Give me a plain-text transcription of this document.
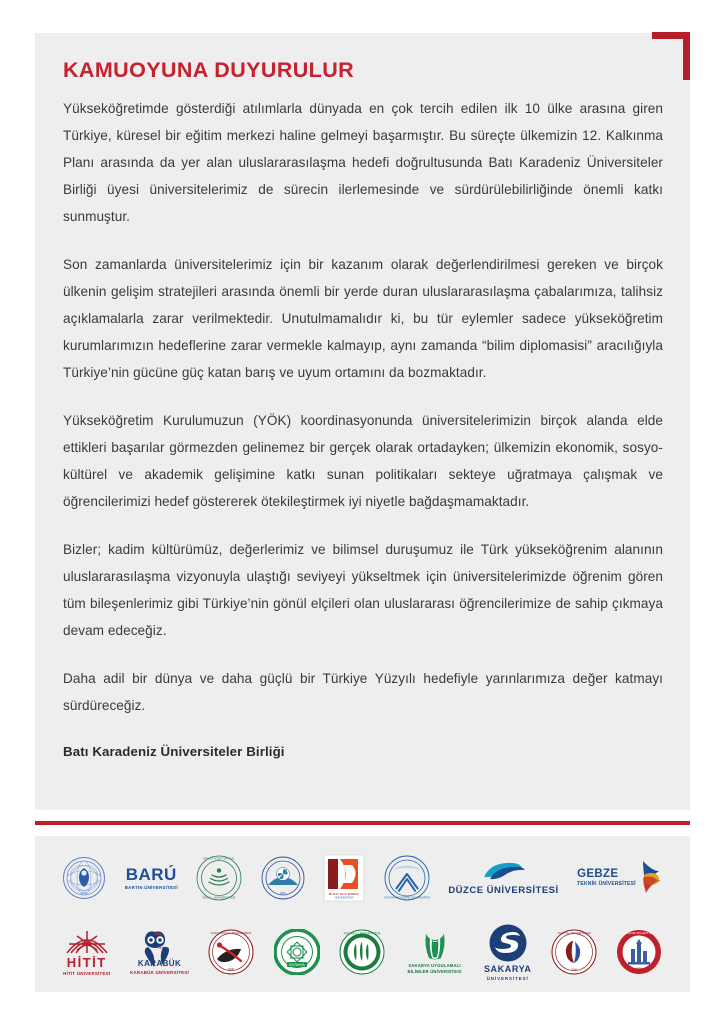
KAMUOYUNA DUYURULUR

Yükseköğretimde gösterdiği atılımlarla dünyada en çok tercih edilen ilk 10 ülke arasına giren Türkiye, küresel bir eğitim merkezi haline gelmeyi başarmıştır. Bu süreçte ülkemizin 12. Kalkınma Planı arasında da yer alan uluslararasılaşma hedefi doğrultusunda Batı Karadeniz Üniversiteler Birliği üyesi üniversitelerimiz de sürecin ilerlemesinde ve sürdürülebilirliğinde önemli katkı sunmuştur.

Son zamanlarda üniversitelerimiz için bir kazanım olarak değerlendirilmesi gereken ve birçok ülkenin gelişim stratejileri arasında önemli bir yerde duran uluslararasılaşma çabalarımıza, talihsiz açıklamalarla zarar verilmektedir. Unutulmamalıdır ki, bu tür eylemler sadece yükseköğretim kurumlarımızın hedeflerine zarar vermekle kalmayıp, aynı zamanda “bilim diplomasisi” aracılığıyla Türkiye’nin gücüne güç katan barış ve uyum ortamını da bozmaktadır.

Yükseköğretim Kurulumuzun (YÖK) koordinasyonunda üniversitelerimizin birçok alanda elde ettikleri başarılar görmezden gelinemez bir gerçek olarak ortadayken; ülkemizin ekonomik, sosyo-kültürel ve akademik gelişimine katkı sunan politikaları sekteye uğratmaya çalışmak ve öğrencilerimizi hedef göstererek ötekileştirmek iyi niyetle bağdaşmamaktadır.

Bizler; kadim kültürümüz, değerlerimiz ve bilimsel duruşumuz ile Türk yükseköğrenim alanının uluslararasılaşma vizyonuyla ulaştığı seviyeyi yükseltmek için üniversitelerimizde öğrenim gören tüm bileşenlerimiz gibi Türkiye’nin gönül elçileri olan uluslararası öğrencilerimize de sahip çıkmaya devam edeceğiz.

Daha adil bir dünya ve daha güçlü bir Türkiye Yüzyılı hedefiyle yarınlarımıza değer katmayı sürdüreceğiz.

Batı Karadeniz Üniversiteler Birliği

2005
BARÚ
BARTIN ÜNİVERSİTESİ
ABANT İZZET BAYSAL
BOLU · ÜNİVERSİTESİ
2010	BİLECİK ŞEYH EDEBALİ
ÜNİVERSİTESİ	AFYON KOCATEPE ÜNİVERSİTESİ
DÜZCE ÜNİVERSİTESİ
GEBZE
TEKNİK ÜNİVERSİTESİ
HİTİT
HİTİT ÜNİVERSİTESİ
1975
KARABÜK
KARABÜK ÜNİVERSİTESİ
KASTAMONU ÜNİVERSİTESİ
2006
KÜTAHYA
KOCAELİ ÜNİVERSİTESİ
1992
SAKARYA UYGULAMALI BİLİMLER ÜNİVERSİTESİ	SAKARYA
ÜNİVERSİTESİ
YALOVA ÜNİVERSİTESİ
2008
ZONGULDAK BÜLENT ECEVİT
1992
